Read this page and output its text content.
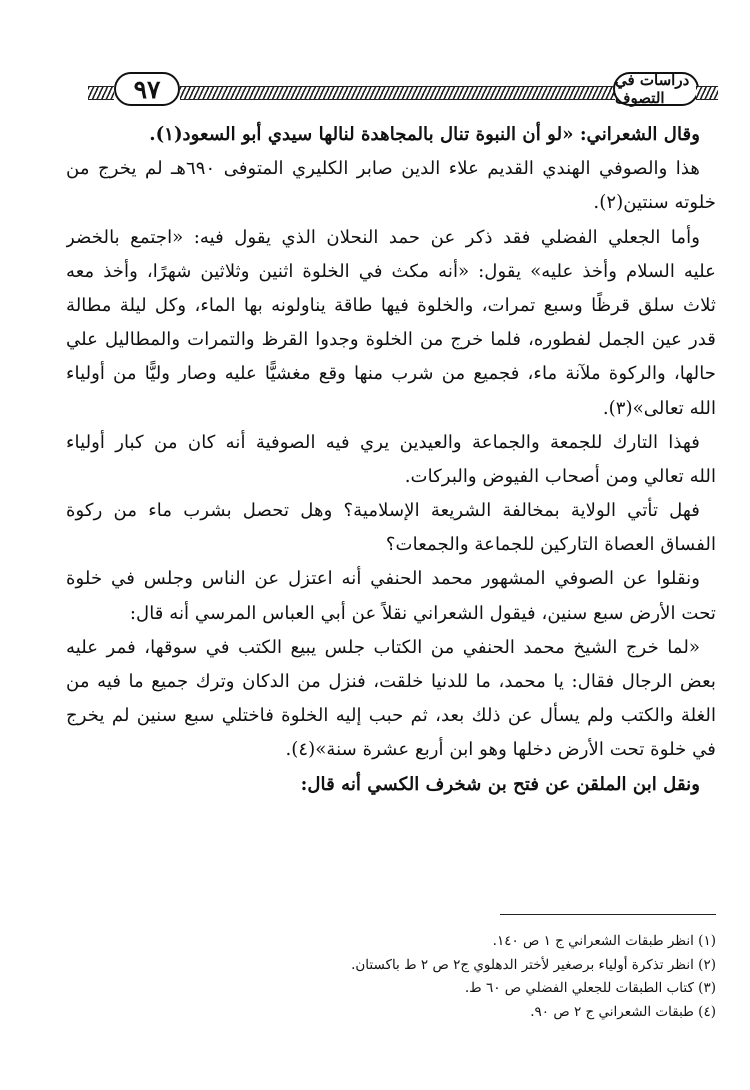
٩٧	دراسات في التصوف
وقال الشعراني: «لو أن النبوة تنال بالمجاهدة لنالها سيدي أبو السعود(١).
هذا والصوفي الهندي القديم علاء الدين صابر الكليري المتوفى ٦٩٠هـ لم يخرج من
خلوته سنتين(٢).
وأما الجعلي الفضلي فقد ذكر عن حمد النحلان الذي يقول فيه: «اجتمع بالخضر
عليه السلام وأخذ عليه» يقول: «أنه مكث في الخلوة اثنين وثلاثين شهرًا، وأخذ معه
ثلاث سلق قرظًا وسبع تمرات، والخلوة فيها طاقة يناولونه بها الماء، وكل ليلة مطالة
قدر عين الجمل لفطوره، فلما خرج من الخلوة وجدوا القرظ والتمرات والمطاليل علي
حالها، والركوة ملآنة ماء، فجميع من شرب منها وقع مغشيًّا عليه وصار وليًّا من أولياء
الله تعالى»(٣).
فهذا التارك للجمعة والجماعة والعيدين يري فيه الصوفية أنه كان من كبار أولياء
الله تعالي ومن أصحاب الفيوض والبركات.
فهل تأتي الولاية بمخالفة الشريعة الإسلامية؟ وهل تحصل بشرب ماء من ركوة
الفساق العصاة التاركين للجماعة والجمعات؟
ونقلوا عن الصوفي المشهور محمد الحنفي أنه اعتزل عن الناس وجلس في خلوة
تحت الأرض سبع سنين، فيقول الشعراني نقلاً عن أبي العباس المرسي أنه قال:
«لما خرج الشيخ محمد الحنفي من الكتاب جلس يبيع الكتب في سوقها، فمر عليه
بعض الرجال فقال: يا محمد، ما للدنيا خلقت، فنزل من الدكان وترك جميع ما فيه من
الغلة والكتب ولم يسأل عن ذلك بعد، ثم حبب إليه الخلوة فاختلي سبع سنين لم يخرج
في خلوة تحت الأرض دخلها وهو ابن أربع عشرة سنة»(٤).
ونقل ابن الملقن عن فتح بن شخرف الكسي أنه قال:
(١) انظر طبقات الشعراني ج ١ ص ١٤٠.
(٢) انظر تذكرة أولياء برصغير لأختر الدهلوي ج٢ ص ٢ ط باكستان.
(٣) كتاب الطبقات للجعلي الفضلي ص ٦٠ ط.
(٤) طبقات الشعراني ج ٢ ص ٩٠.
